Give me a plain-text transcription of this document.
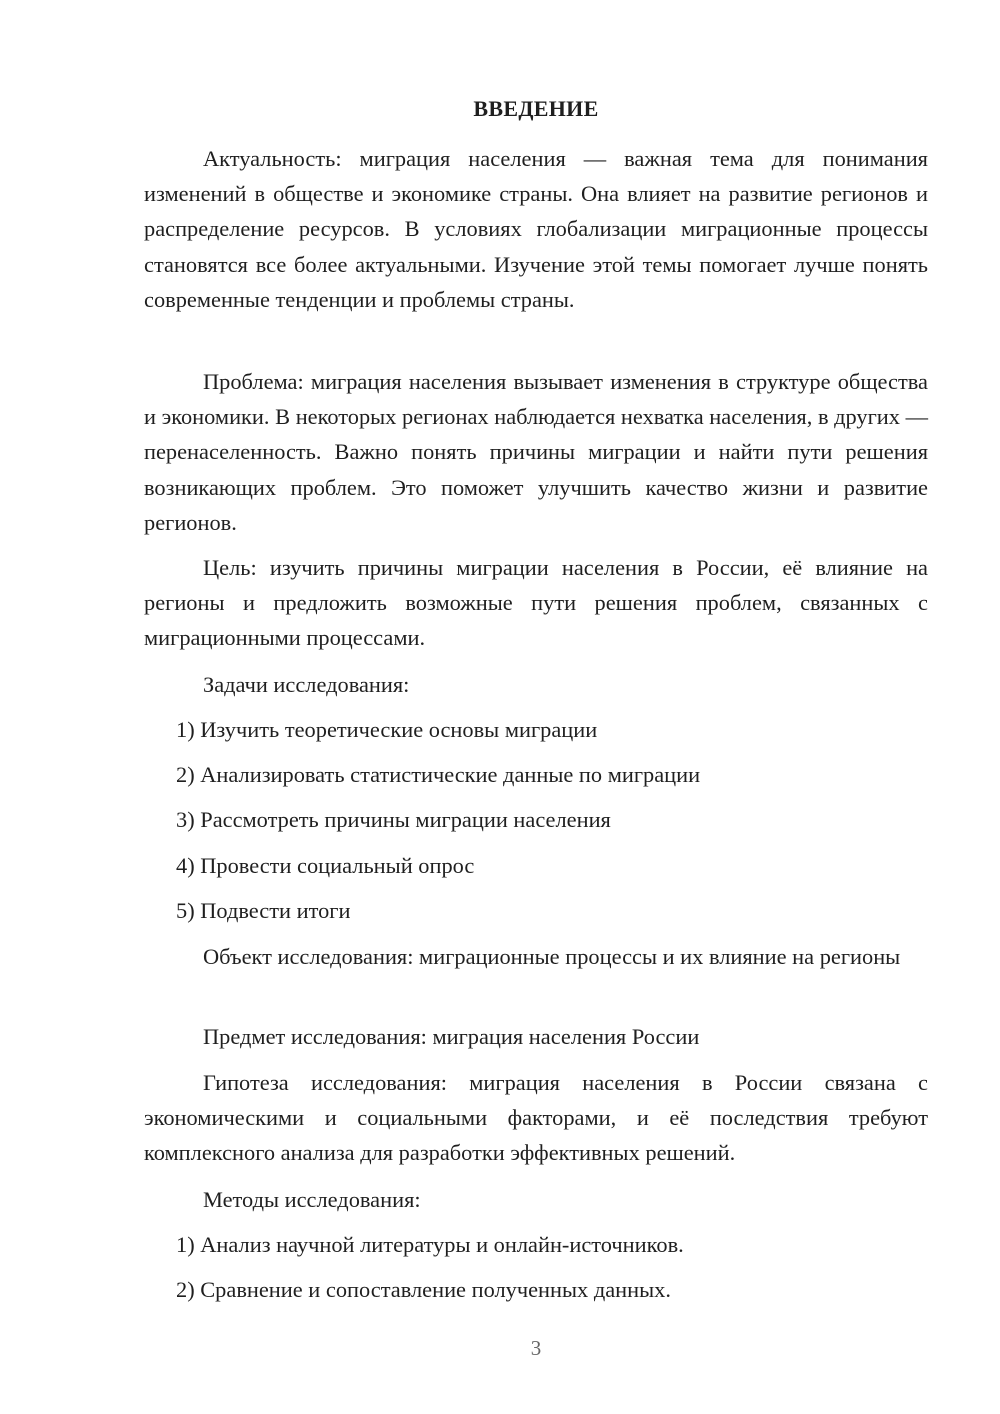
ВВЕДЕНИЕ

Актуальность: миграция населения — важная тема для понимания изменений в обществе и экономике страны. Она влияет на развитие регионов и распределение ресурсов. В условиях глобализации миграционные процессы становятся все более актуальными. Изучение этой темы помогает лучше понять современные тенденции и проблемы страны.

Проблема: миграция населения вызывает изменения в структуре общества и экономики. В некоторых регионах наблюдается нехватка населения, в других — перенаселенность. Важно понять причины миграции и найти пути решения возникающих проблем. Это поможет улучшить качество жизни и развитие регионов.

Цель: изучить причины миграции населения в России, её влияние на регионы и предложить возможные пути решения проблем, связанных с миграционными процессами.

Задачи исследования:

1) Изучить теоретические основы миграции

2) Анализировать статистические данные по миграции

3) Рассмотреть причины миграции населения

4) Провести социальный опрос

5) Подвести итоги

Объект исследования: миграционные процессы и их влияние на регионы

Предмет исследования: миграция населения России

Гипотеза исследования: миграция населения в России связана с экономическими и социальными факторами, и её последствия требуют комплексного анализа для разработки эффективных решений.

Методы исследования:

1) Анализ научной литературы и онлайн-источников.

2) Сравнение и сопоставление полученных данных.

3
